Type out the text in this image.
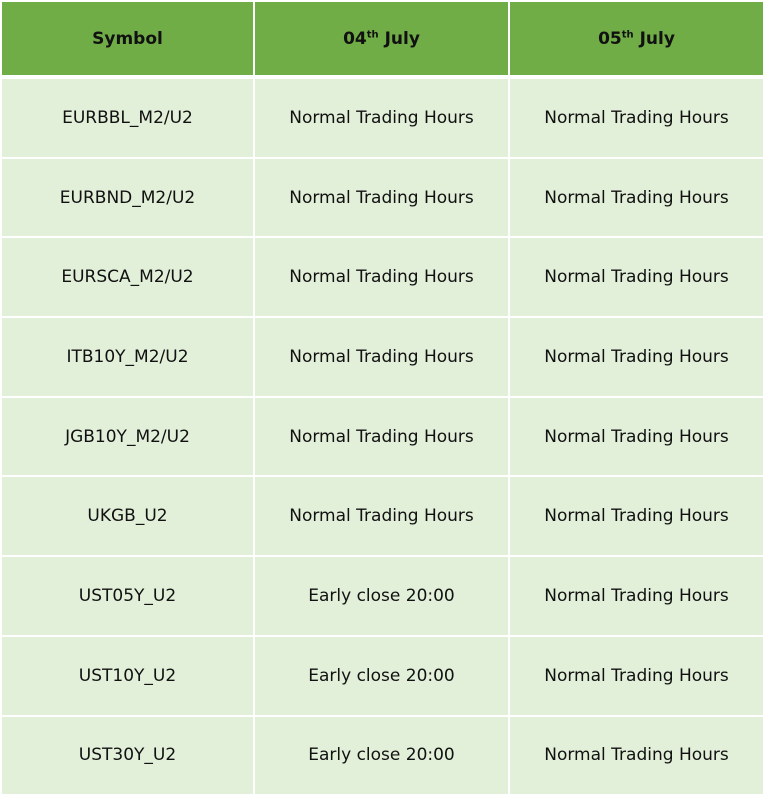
Symbol	04th July	05th July
EURBBL_M2/U2	Normal Trading Hours	Normal Trading Hours
EURBND_M2/U2	Normal Trading Hours	Normal Trading Hours
EURSCA_M2/U2	Normal Trading Hours	Normal Trading Hours
ITB10Y_M2/U2	Normal Trading Hours	Normal Trading Hours
JGB10Y_M2/U2	Normal Trading Hours	Normal Trading Hours
UKGB_U2	Normal Trading Hours	Normal Trading Hours
UST05Y_U2	Early close 20:00	Normal Trading Hours
UST10Y_U2	Early close 20:00	Normal Trading Hours
UST30Y_U2	Early close 20:00	Normal Trading Hours
